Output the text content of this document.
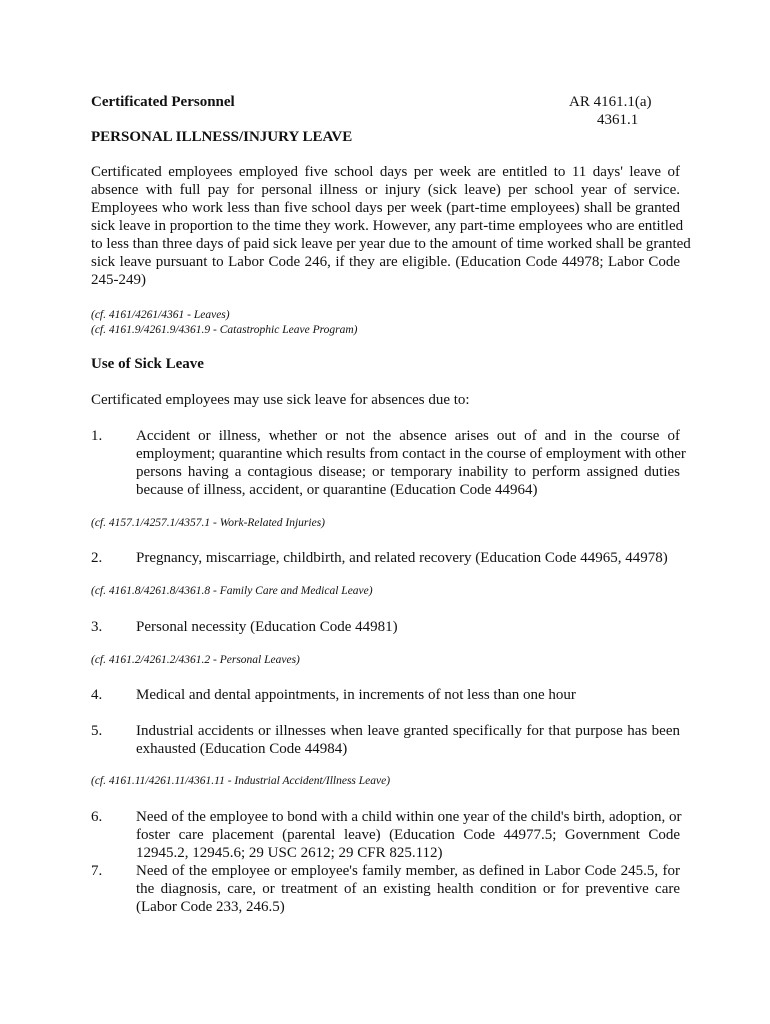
Certificated Personnel	AR 4161.1(a)

4361.1

PERSONAL ILLNESS/INJURY LEAVE

Certificated employees employed five school days per week are entitled to 11 days' leave of
absence with full pay for personal illness or injury (sick leave) per school year of service.
Employees who work less than five school days per week (part-time employees) shall be granted
sick leave in proportion to the time they work. However, any part-time employees who are entitled
to less than three days of paid sick leave per year due to the amount of time worked shall be granted
sick leave pursuant to Labor Code 246, if they are eligible. (Education Code 44978; Labor Code
245-249)

(cf. 4161/4261/4361 - Leaves)

(cf. 4161.9/4261.9/4361.9 - Catastrophic Leave Program)

Use of Sick Leave

Certificated employees may use sick leave for absences due to:

1. Accident or illness, whether or not the absence arises out of and in the course of
employment; quarantine which results from contact in the course of employment with other
persons having a contagious disease; or temporary inability to perform assigned duties
because of illness, accident, or quarantine (Education Code 44964)

(cf. 4157.1/4257.1/4357.1 - Work-Related Injuries)

2. Pregnancy, miscarriage, childbirth, and related recovery (Education Code 44965, 44978)

(cf. 4161.8/4261.8/4361.8 - Family Care and Medical Leave)

3. Personal necessity (Education Code 44981)

(cf. 4161.2/4261.2/4361.2 - Personal Leaves)

4. Medical and dental appointments, in increments of not less than one hour

5. Industrial accidents or illnesses when leave granted specifically for that purpose has been
exhausted (Education Code 44984)

(cf. 4161.11/4261.11/4361.11 - Industrial Accident/Illness Leave)

6. Need of the employee to bond with a child within one year of the child's birth, adoption, or
foster care placement (parental leave) (Education Code 44977.5; Government Code
12945.2, 12945.6; 29 USC 2612; 29 CFR 825.112)

7. Need of the employee or employee's family member, as defined in Labor Code 245.5, for
the diagnosis, care, or treatment of an existing health condition or for preventive care
(Labor Code 233, 246.5)
